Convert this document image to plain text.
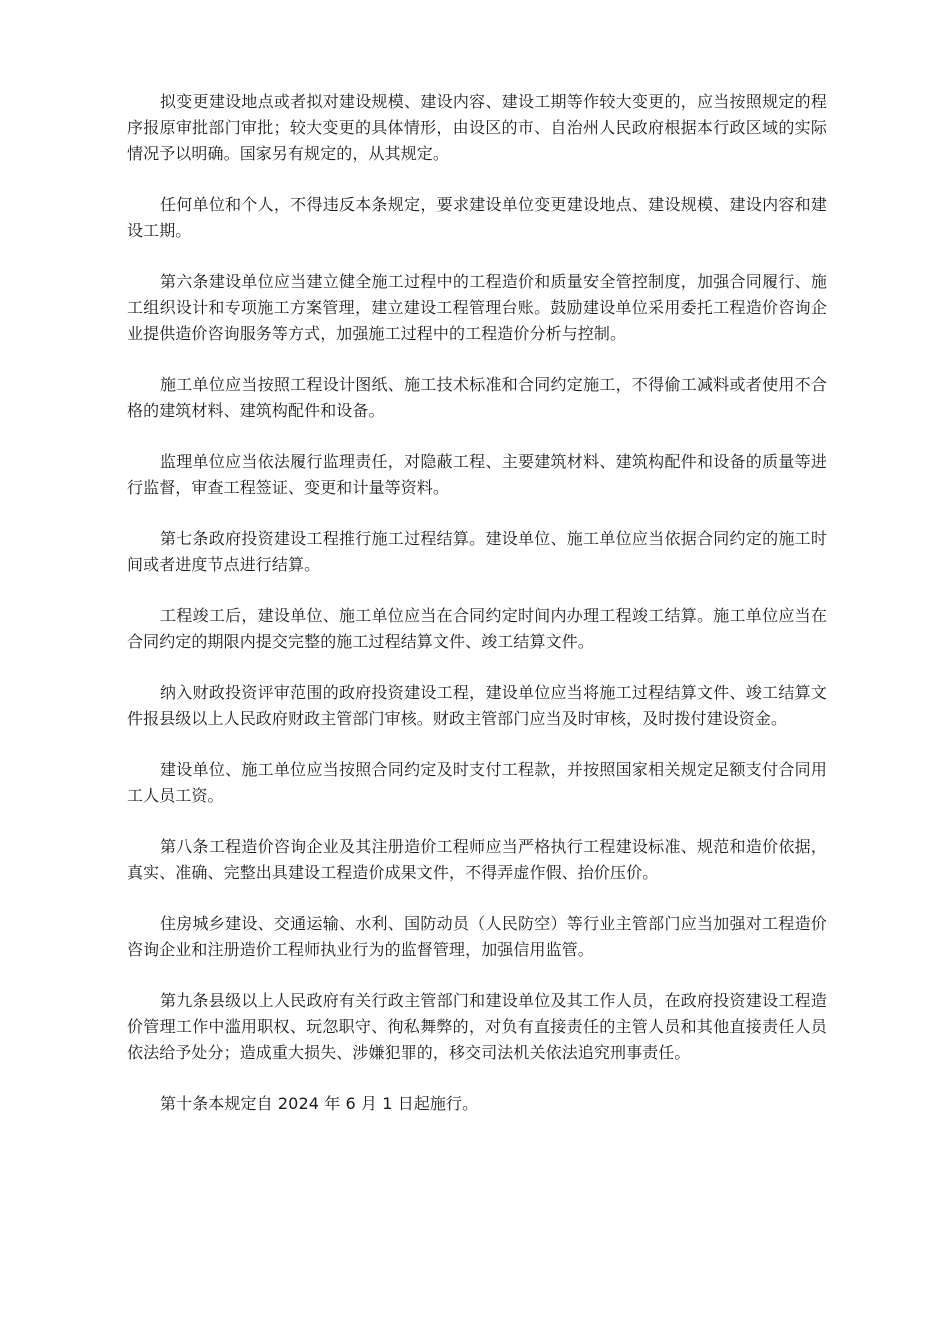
拟变更建设地点或者拟对建设规模、建设内容、建设工期等作较大变更的，应当按照规定的程序报原审批部门审批；较大变更的具体情形，由设区的市、自治州人民政府根据本行政区域的实际情况予以明确。国家另有规定的，从其规定。

任何单位和个人，不得违反本条规定，要求建设单位变更建设地点、建设规模、建设内容和建设工期。

第六条建设单位应当建立健全施工过程中的工程造价和质量安全管控制度，加强合同履行、施工组织设计和专项施工方案管理，建立建设工程管理台账。鼓励建设单位采用委托工程造价咨询企业提供造价咨询服务等方式，加强施工过程中的工程造价分析与控制。

施工单位应当按照工程设计图纸、施工技术标准和合同约定施工，不得偷工减料或者使用不合格的建筑材料、建筑构配件和设备。

监理单位应当依法履行监理责任，对隐蔽工程、主要建筑材料、建筑构配件和设备的质量等进行监督，审查工程签证、变更和计量等资料。

第七条政府投资建设工程推行施工过程结算。建设单位、施工单位应当依据合同约定的施工时间或者进度节点进行结算。

工程竣工后，建设单位、施工单位应当在合同约定时间内办理工程竣工结算。施工单位应当在合同约定的期限内提交完整的施工过程结算文件、竣工结算文件。

纳入财政投资评审范围的政府投资建设工程，建设单位应当将施工过程结算文件、竣工结算文件报县级以上人民政府财政主管部门审核。财政主管部门应当及时审核，及时拨付建设资金。

建设单位、施工单位应当按照合同约定及时支付工程款，并按照国家相关规定足额支付合同用工人员工资。

第八条工程造价咨询企业及其注册造价工程师应当严格执行工程建设标准、规范和造价依据，真实、准确、完整出具建设工程造价成果文件，不得弄虚作假、抬价压价。

住房城乡建设、交通运输、水利、国防动员（人民防空）等行业主管部门应当加强对工程造价咨询企业和注册造价工程师执业行为的监督管理，加强信用监管。

第九条县级以上人民政府有关行政主管部门和建设单位及其工作人员，在政府投资建设工程造价管理工作中滥用职权、玩忽职守、徇私舞弊的，对负有直接责任的主管人员和其他直接责任人员依法给予处分；造成重大损失、涉嫌犯罪的，移交司法机关依法追究刑事责任。

第十条本规定自 2024 年 6 月 1 日起施行。
